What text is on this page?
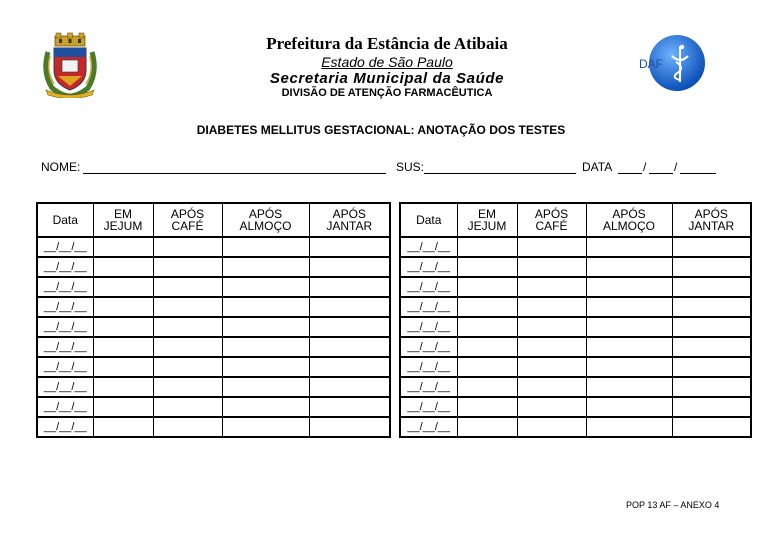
Prefeitura da Estância de Atibaia
Estado de São Paulo
Secretaria Municipal da Saúde
DIVISÃO DE ATENÇÃO FARMACÊUTICA
DAF
DIABETES MELLITUS GESTACIONAL: ANOTAÇÃO DOS TESTES
NOME:	SUS:	DATA	/ /
Data	EM JEJUM	APÓS CAFÉ	APÓS ALMOÇO	APÓS JANTAR
__/__/__				
__/__/__				
__/__/__				
__/__/__				
__/__/__				
__/__/__				
__/__/__				
__/__/__				
__/__/__				
__/__/__				
Data	EM JEJUM	APÓS CAFÉ	APÓS ALMOÇO	APÓS JANTAR
__/__/__				
__/__/__				
__/__/__				
__/__/__				
__/__/__				
__/__/__				
__/__/__				
__/__/__				
__/__/__				
__/__/__				
POP 13 AF – ANEXO 4
